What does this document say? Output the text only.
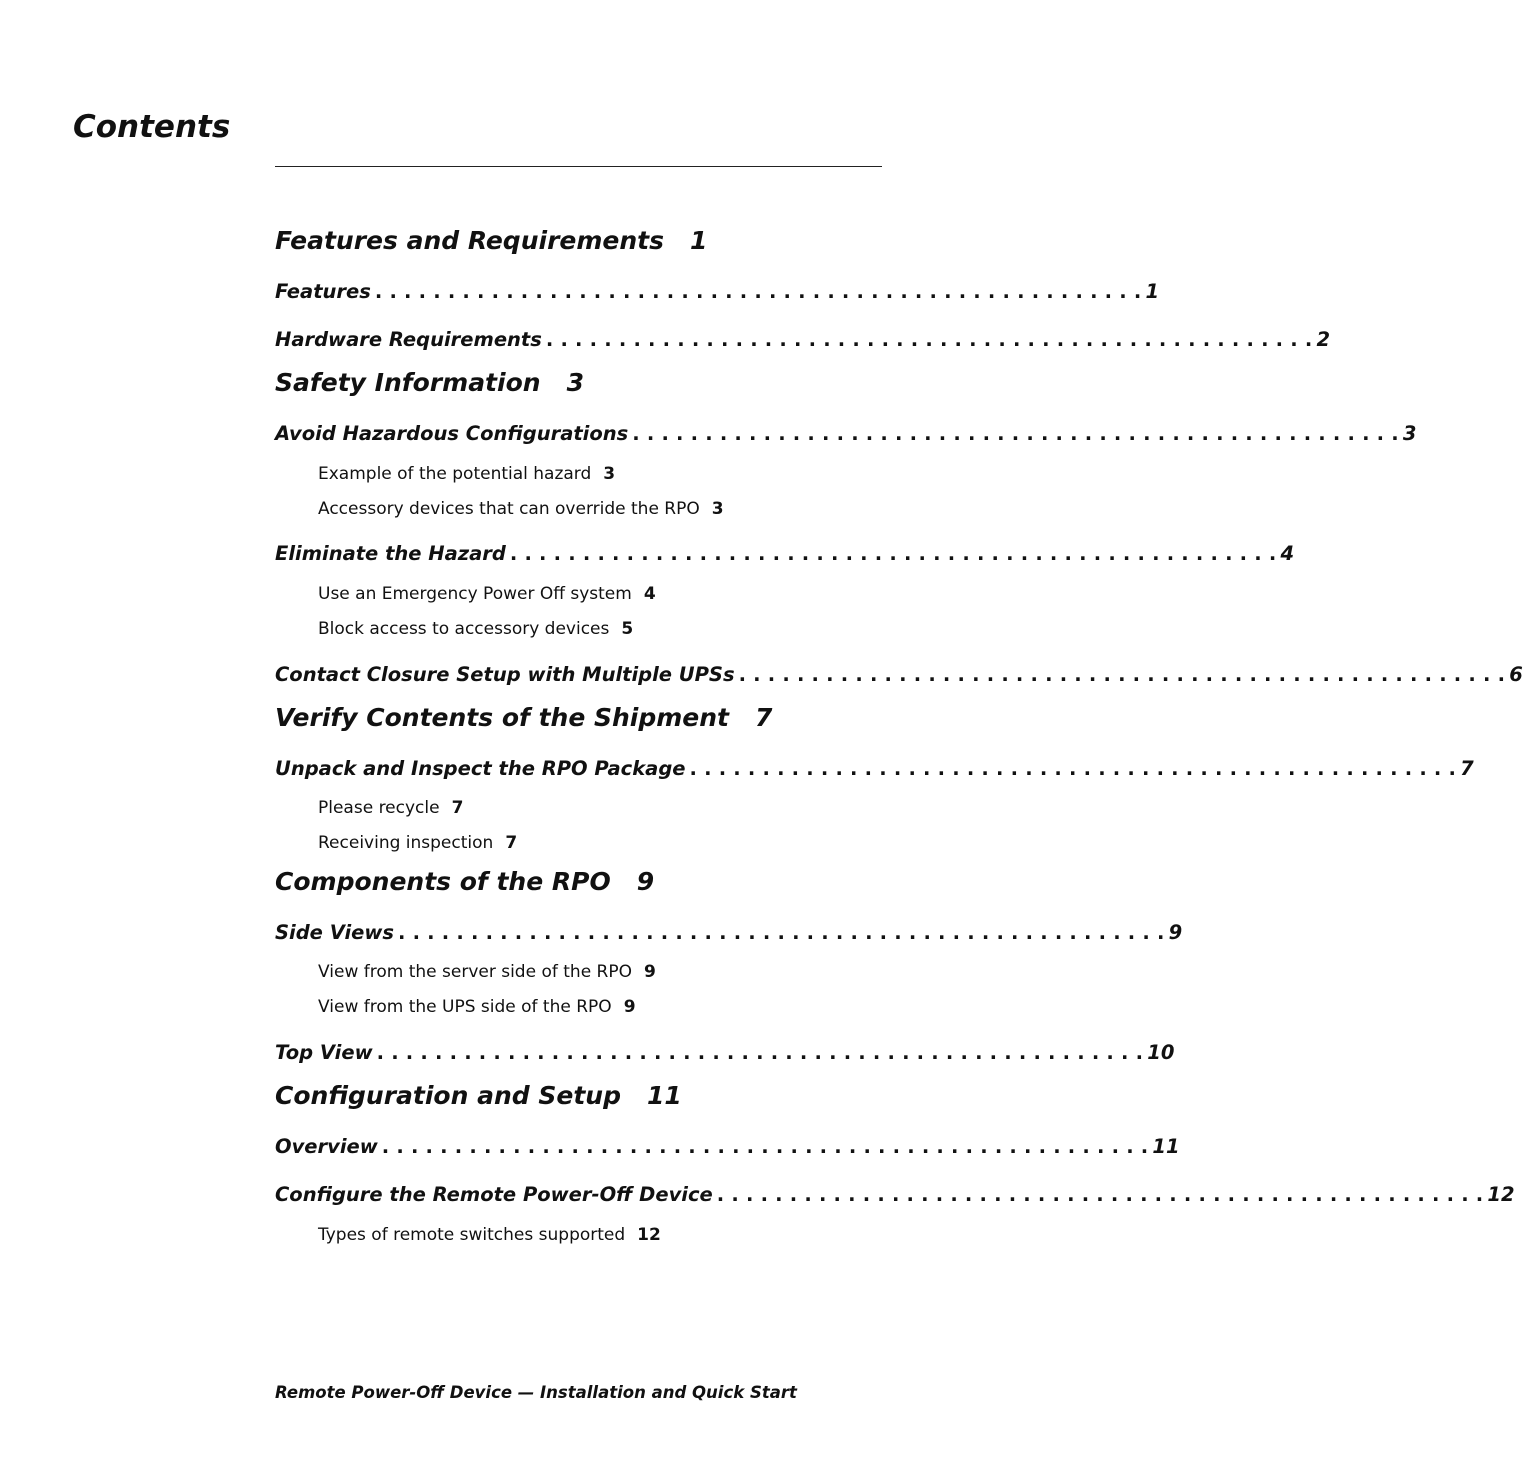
Contents
Features and Requirements 1
Features . . . . . . . . . . . . . . . . . . . . . . . . . . . . . . . . . . . . . . . . . . . . . . . . . . . . . 1
Hardware Requirements . . . . . . . . . . . . . . . . . . . . . . . . . . . . . . . . . . . . . . . . . . . . . . . . . . . . . 2
Safety Information 3
Avoid Hazardous Configurations . . . . . . . . . . . . . . . . . . . . . . . . . . . . . . . . . . . . . . . . . . . . . . . . . . . . . 3
Example of the potential hazard 3
Accessory devices that can override the RPO 3
Eliminate the Hazard . . . . . . . . . . . . . . . . . . . . . . . . . . . . . . . . . . . . . . . . . . . . . . . . . . . . . 4
Use an Emergency Power Off system 4
Block access to accessory devices 5
Contact Closure Setup with Multiple UPSs . . . . . . . . . . . . . . . . . . . . . . . . . . . . . . . . . . . . . . . . . . . . . . . . . . . . . 6
Verify Contents of the Shipment 7
Unpack and Inspect the RPO Package . . . . . . . . . . . . . . . . . . . . . . . . . . . . . . . . . . . . . . . . . . . . . . . . . . . . . 7
Please recycle 7
Receiving inspection 7
Components of the RPO 9
Side Views . . . . . . . . . . . . . . . . . . . . . . . . . . . . . . . . . . . . . . . . . . . . . . . . . . . . . 9
View from the server side of the RPO 9
View from the UPS side of the RPO 9
Top View . . . . . . . . . . . . . . . . . . . . . . . . . . . . . . . . . . . . . . . . . . . . . . . . . . . . . 10
Configuration and Setup 11
Overview . . . . . . . . . . . . . . . . . . . . . . . . . . . . . . . . . . . . . . . . . . . . . . . . . . . . . 11
Configure the Remote Power-Off Device . . . . . . . . . . . . . . . . . . . . . . . . . . . . . . . . . . . . . . . . . . . . . . . . . . . . . 12
Types of remote switches supported 12
Remote Power-Off Device — Installation and Quick Start
